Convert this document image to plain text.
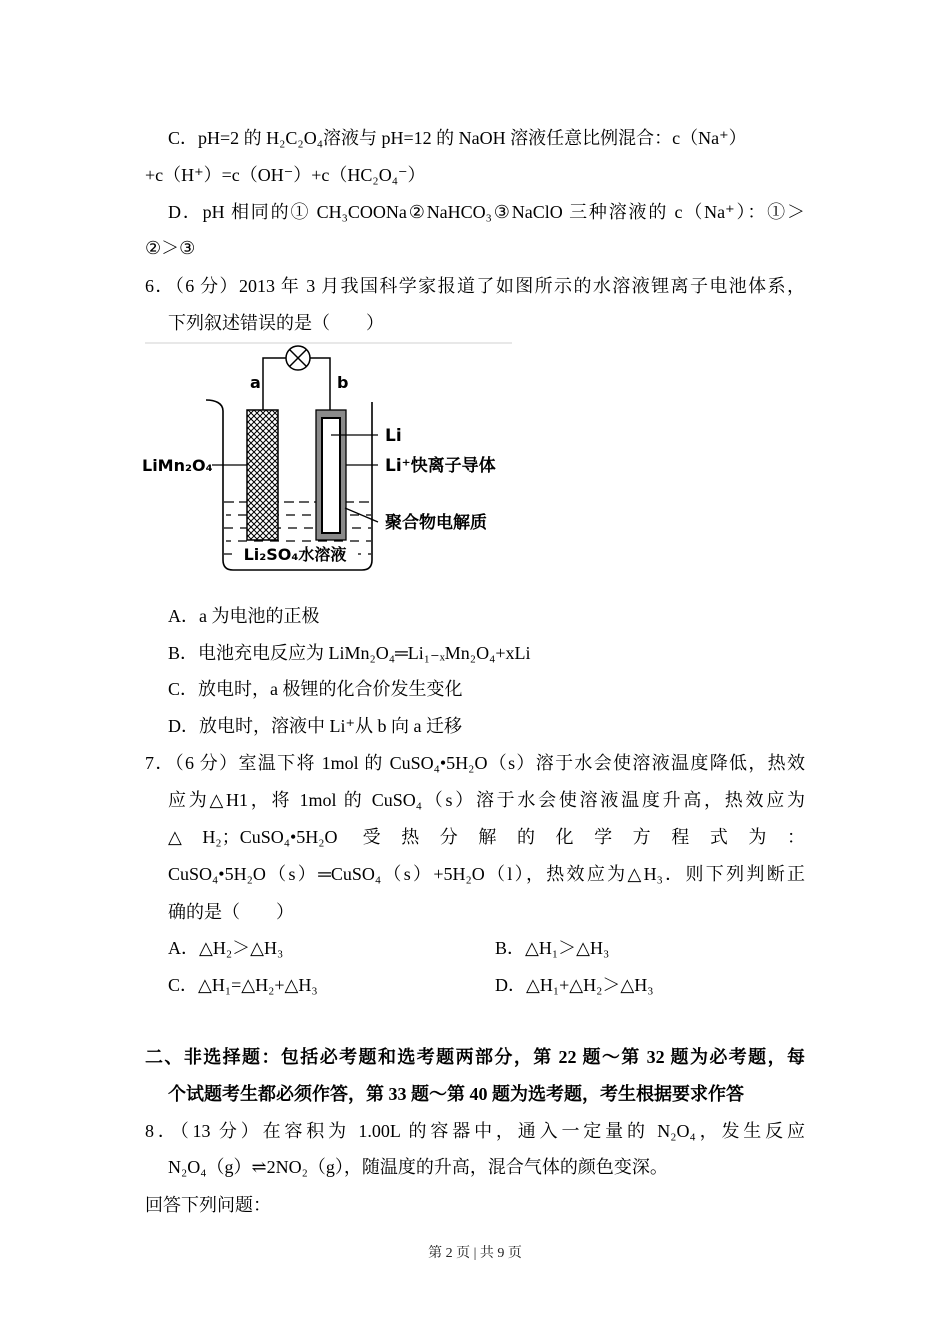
C．pH=2 的 H₂C₂O₄溶液与 pH=12 的 NaOH 溶液任意比例混合：c（Na⁺）
+c（H⁺）=c（OH⁻）+c（HC₂O₄⁻）
D．pH 相同的① CH₃COONa②NaHCO₃③NaClO 三种溶液的 c（Na⁺）：①＞
②＞③
6．（6 分）2013 年 3 月我国科学家报道了如图所示的水溶液锂离子电池体系，
下列叙述错误的是（　　）
a	b
LiMn₂O₄
Li
Li⁺快离子导体
聚合物电解质
Li₂SO₄水溶液
A．a 为电池的正极
B．电池充电反应为 LiMn₂O₄═Li₁₋ₓMn₂O₄+xLi
C．放电时，a 极锂的化合价发生变化
D．放电时，溶液中 Li⁺从 b 向 a 迁移
7．（6 分）室温下将 1mol 的 CuSO₄•5H₂O（s）溶于水会使溶液温度降低，热效
应为△H1，将 1mol 的 CuSO₄（s）溶于水会使溶液温度升高，热效应为
△H₂；CuSO₄•5H₂O 受热分解的化学方程式为：
CuSO₄•5H₂O（s）═CuSO₄（s）+5H₂O（l），热效应为△H₃．则下列判断正
确的是（　　）
A．△H₂＞△H₃	B．△H₁＞△H₃
C．△H₁=△H₂+△H₃	D．△H₁+△H₂＞△H₃
二、非选择题：包括必考题和选考题两部分，第 22 题～第 32 题为必考题，每
个试题考生都必须作答，第 33 题～第 40 题为选考题，考生根据要求作答
8．（13 分）在容积为 1.00L 的容器中，通入一定量的 N₂O₄，发生反应
N₂O₄（g）⇌2NO₂（g），随温度的升高，混合气体的颜色变深。
回答下列问题：
第 2 页 | 共 9 页
